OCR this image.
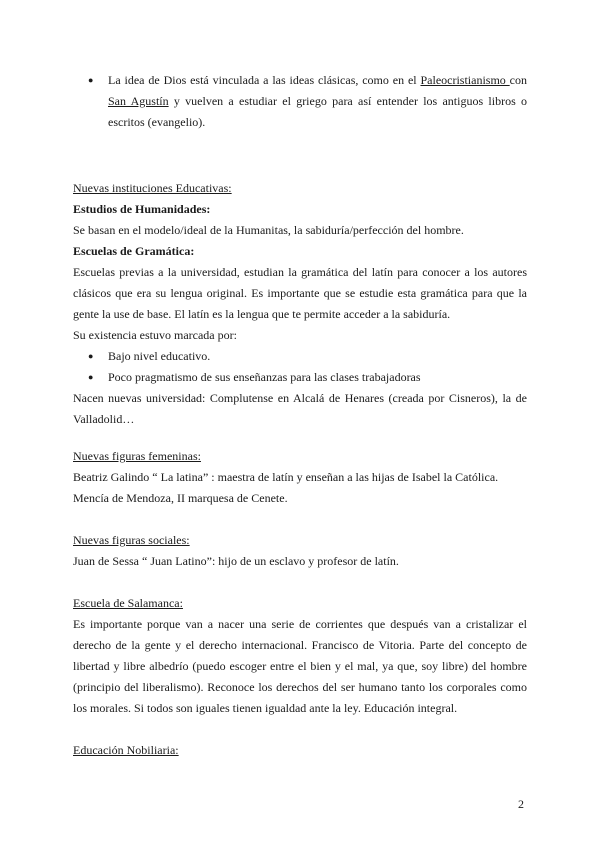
● La idea de Dios está vinculada a las ideas clásicas, como en el Paleocristianismo con San Agustín y vuelven a estudiar el griego para así entender los antiguos libros o escritos (evangelio).
Nuevas instituciones Educativas:
Estudios de Humanidades:
Se basan en el modelo/ideal de la Humanitas, la sabiduría/perfección del hombre.
Escuelas de Gramática:
Escuelas previas a la universidad, estudian la gramática del latín para conocer a los autores clásicos que era su lengua original. Es importante que se estudie esta gramática para que la gente la use de base. El latín es la lengua que te permite acceder a la sabiduría.
Su existencia estuvo marcada por:
● Bajo nivel educativo.
● Poco pragmatismo de sus enseñanzas para las clases trabajadoras
Nacen nuevas universidad: Complutense en Alcalá de Henares (creada por Cisneros), la de Valladolid…
Nuevas figuras femeninas:
Beatriz Galindo “ La latina” : maestra de latín y enseñan a las hijas de Isabel la Católica.
Mencía de Mendoza, II marquesa de Cenete.
Nuevas figuras sociales:
Juan de Sessa “ Juan Latino”: hijo de un esclavo y profesor de latín.
Escuela de Salamanca:
Es importante porque van a nacer una serie de corrientes que después van a cristalizar el derecho de la gente y el derecho internacional. Francisco de Vitoria. Parte del concepto de libertad y libre albedrío (puedo escoger entre el bien y el mal, ya que, soy libre) del hombre (principio del liberalismo). Reconoce los derechos del ser humano tanto los corporales como los morales. Si todos son iguales tienen igualdad ante la ley. Educación integral.
Educación Nobiliaria:
2
